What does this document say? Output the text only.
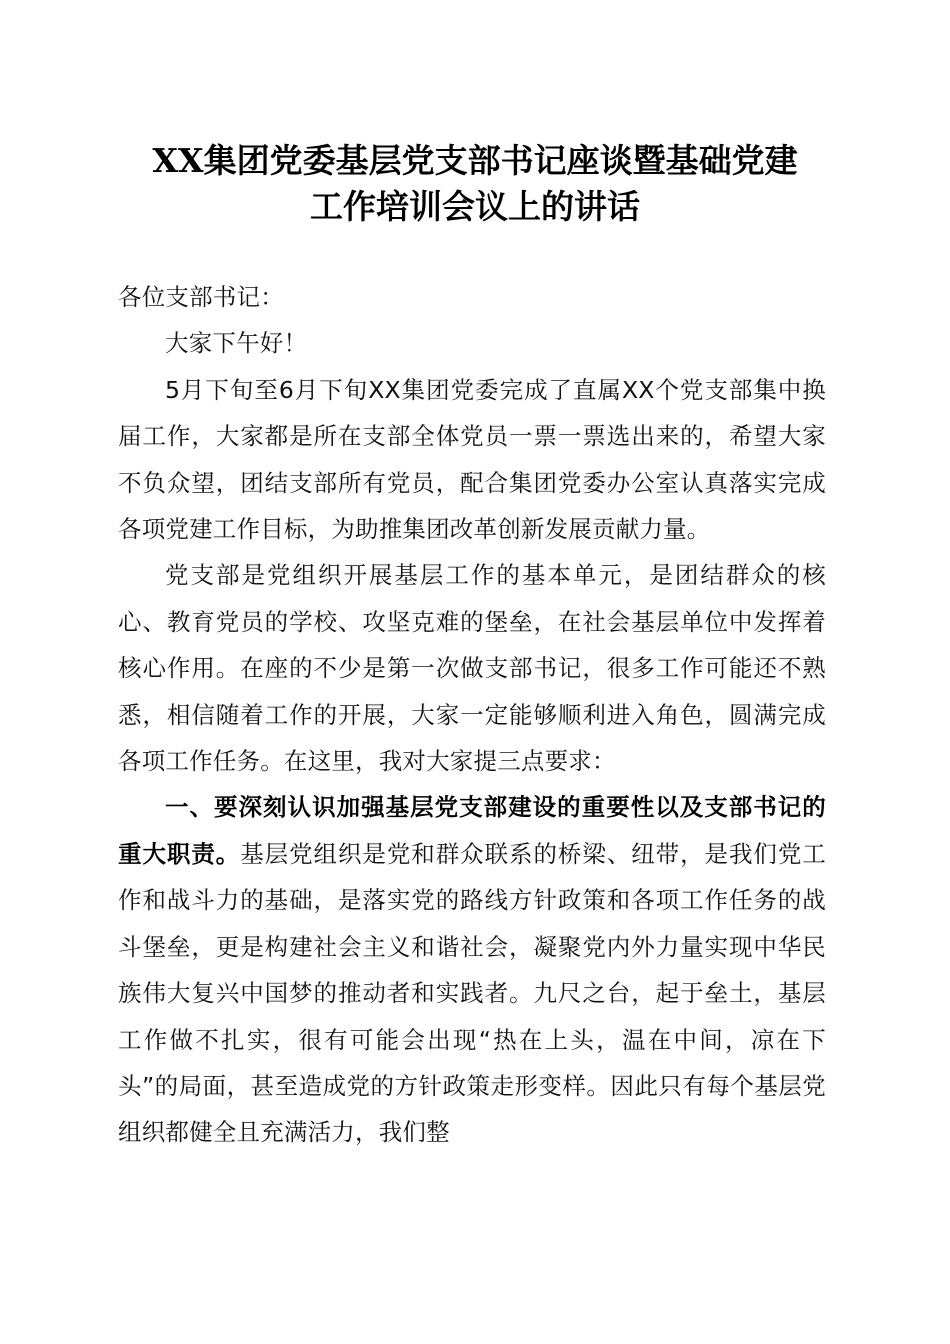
XX集团党委基层党支部书记座谈暨基础党建
工作培训会议上的讲话

各位支部书记：

大家下午好！

5月下旬至6月下旬XX集团党委完成了直属XX个党支部集中换届工作，大家都是所在支部全体党员一票一票选出来的，希望大家不负众望，团结支部所有党员，配合集团党委办公室认真落实完成各项党建工作目标，为助推集团改革创新发展贡献力量。

党支部是党组织开展基层工作的基本单元，是团结群众的核心、教育党员的学校、攻坚克难的堡垒，在社会基层单位中发挥着核心作用。在座的不少是第一次做支部书记，很多工作可能还不熟悉，相信随着工作的开展，大家一定能够顺利进入角色，圆满完成各项工作任务。在这里，我对大家提三点要求：

一、要深刻认识加强基层党支部建设的重要性以及支部书记的重大职责。基层党组织是党和群众联系的桥梁、纽带，是我们党工作和战斗力的基础，是落实党的路线方针政策和各项工作任务的战斗堡垒，更是构建社会主义和谐社会，凝聚党内外力量实现中华民族伟大复兴中国梦的推动者和实践者。九尺之台，起于垒土，基层工作做不扎实，很有可能会出现“热在上头，温在中间，凉在下头”的局面，甚至造成党的方针政策走形变样。因此只有每个基层党组织都健全且充满活力，我们整
